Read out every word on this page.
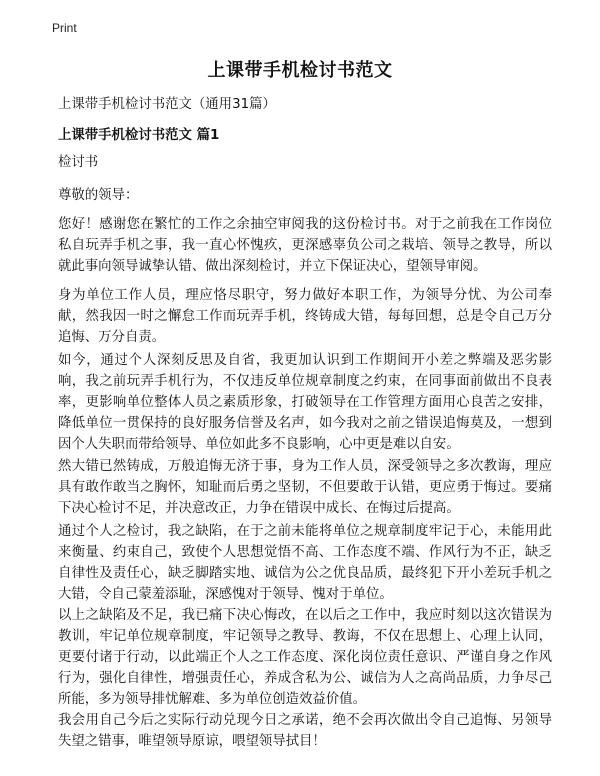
Print
上课带手机检讨书范文

上课带手机检讨书范文（通用31篇）

上课带手机检讨书范文 篇1

检讨书

尊敬的领导：

您好！感谢您在繁忙的工作之余抽空审阅我的这份检讨书。对于之前我在工作岗位私自玩弄手机之事，我一直心怀愧疚，更深感辜负公司之栽培、领导之教导，所以就此事向领导诚挚认错、做出深刻检讨，并立下保证决心，望领导审阅。

身为单位工作人员，理应恪尽职守，努力做好本职工作，为领导分忧、为公司奉献，然我因一时之懈怠工作而玩弄手机，终铸成大错，每每回想，总是令自己万分追悔、万分自责。

如今，通过个人深刻反思及自省，我更加认识到工作期间开小差之弊端及恶劣影响，我之前玩弄手机行为，不仅违反单位规章制度之约束，在同事面前做出不良表率，更影响单位整体人员之素质形象，打破领导在工作管理方面用心良苦之安排，降低单位一贯保持的良好服务信誉及名声，如今我对之前之错误追悔莫及，一想到因个人失职而带给领导、单位如此多不良影响，心中更是难以自安。

然大错已然铸成，万般追悔无济于事，身为工作人员，深受领导之多次教诲，理应具有敢作敢当之胸怀，知耻而后勇之坚韧，不但要敢于认错，更应勇于悔过。要痛下决心检讨不足，并决意改正，力争在错误中成长、在悔过后提高。

通过个人之检讨，我之缺陷，在于之前未能将单位之规章制度牢记于心，未能用此来衡量、约束自己，致使个人思想觉悟不高、工作态度不端、作风行为不正，缺乏自律性及责任心，缺乏脚踏实地、诚信为公之优良品质，最终犯下开小差玩手机之大错，令自己蒙羞添耻，深感愧对于领导、愧对于单位。

以上之缺陷及不足，我已痛下决心悔改，在以后之工作中，我应时刻以这次错误为教训，牢记单位规章制度，牢记领导之教导、教诲，不仅在思想上、心理上认同，更要付诸于行动，以此端正个人之工作态度、深化岗位责任意识、严谨自身之作风行为，强化自律性，增强责任心，养成含私为公、诚信为人之高尚品质，力争尽己所能，多为领导排忧解难、多为单位创造效益价值。

我会用自己今后之实际行动兑现今日之承诺，绝不会再次做出令自己追悔、另领导失望之错事，唯望领导原谅，喂望领导拭目！
